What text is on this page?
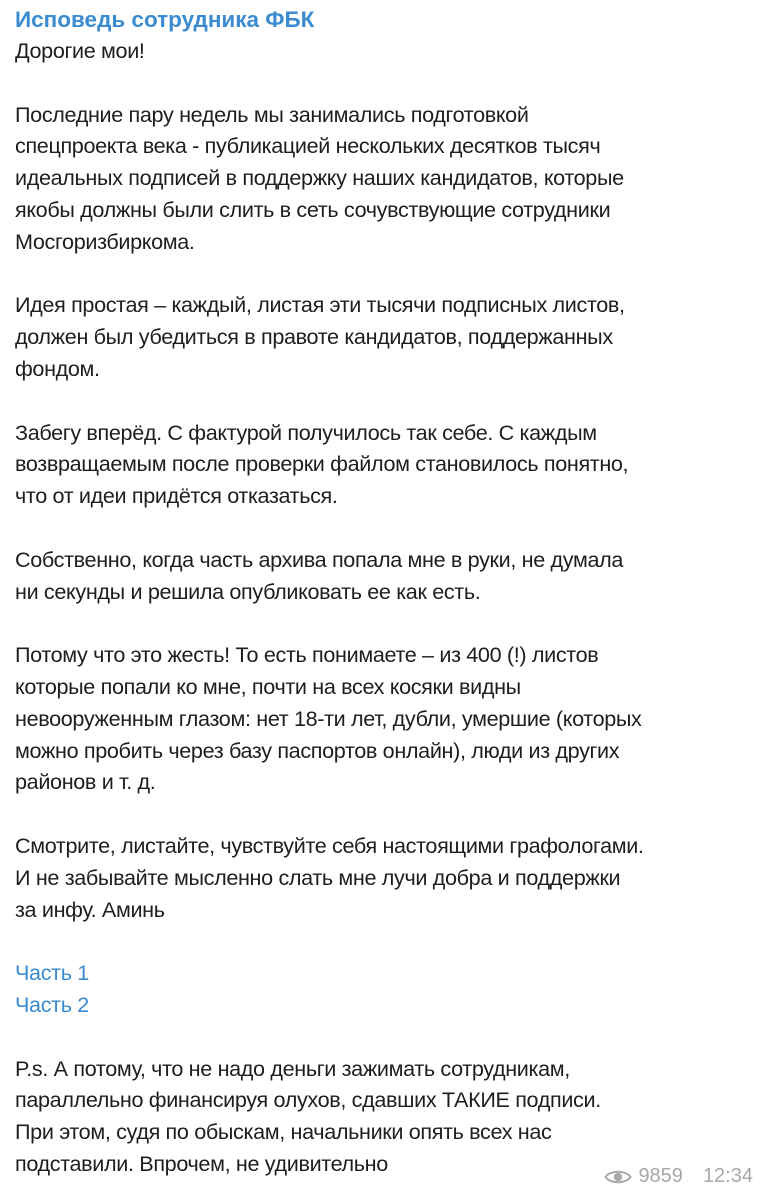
Исповедь сотрудника ФБК
Дорогие мои!
Последние пару недель мы занимались подготовкой
спецпроекта века - публикацией нескольких десятков тысяч
идеальных подписей в поддержку наших кандидатов, которые
якобы должны были слить в сеть сочувствующие сотрудники
Мосгоризбиркома.
Идея простая – каждый, листая эти тысячи подписных листов,
должен был убедиться в правоте кандидатов, поддержанных
фондом.
Забегу вперёд. С фактурой получилось так себе. С каждым
возвращаемым после проверки файлом становилось понятно,
что от идеи придётся отказаться.
Собственно, когда часть архива попала мне в руки, не думала
ни секунды и решила опубликовать ее как есть.
Потому что это жесть! То есть понимаете – из 400 (!) листов
которые попали ко мне, почти на всех косяки видны
невооруженным глазом: нет 18-ти лет, дубли, умершие (которых
можно пробить через базу паспортов онлайн), люди из других
районов и т. д.
Смотрите, листайте, чувствуйте себя настоящими графологами.
И не забывайте мысленно слать мне лучи добра и поддержки
за инфу. Аминь
Часть 1
Часть 2
P.s. А потому, что не надо деньги зажимать сотрудникам,
параллельно финансируя олухов, сдавших ТАКИЕ подписи.
При этом, судя по обыскам, начальники опять всех нас
подставили. Впрочем, не удивительно
9859 12:34
